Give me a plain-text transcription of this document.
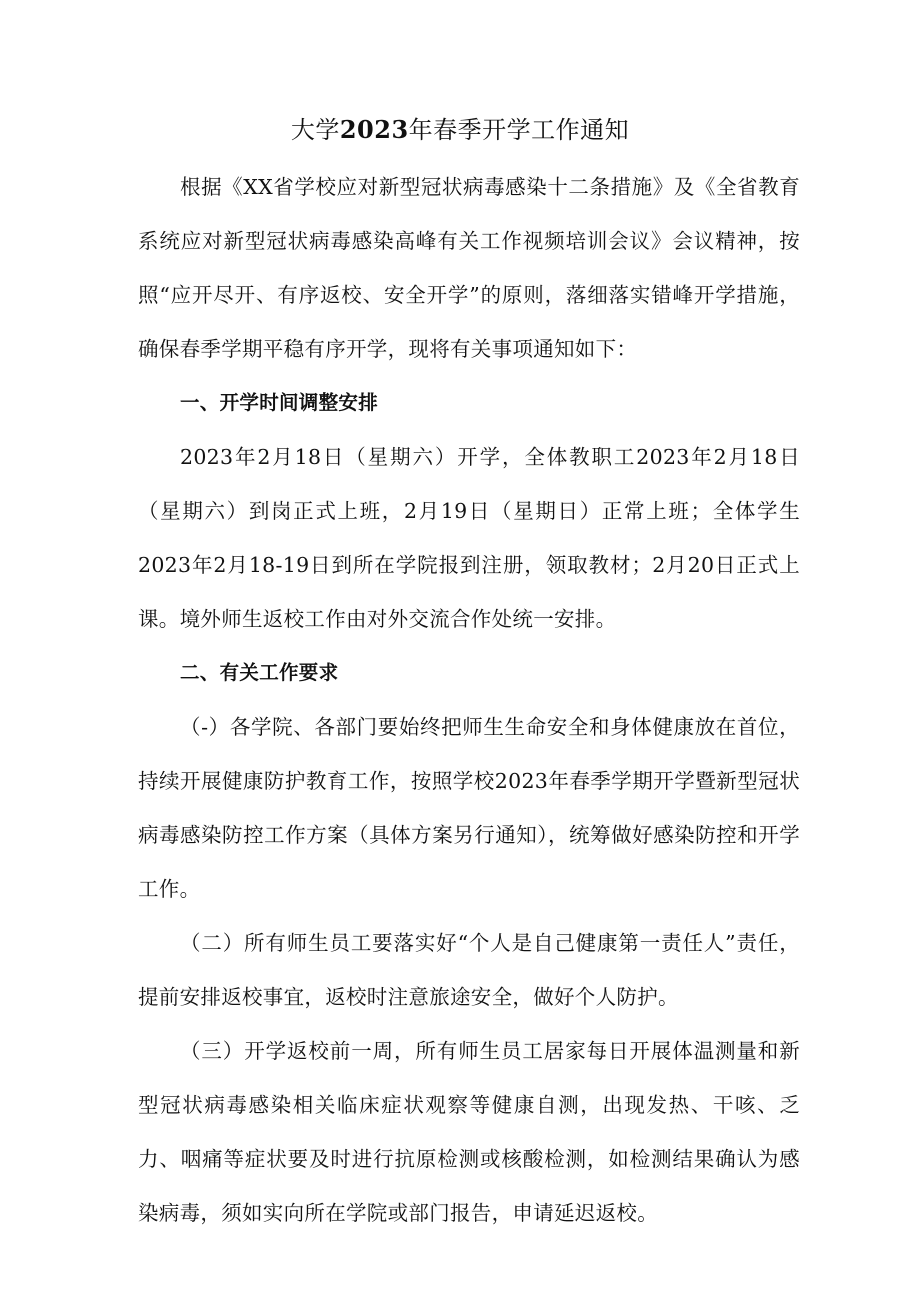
大学2023年春季开学工作通知

根据《XX省学校应对新型冠状病毒感染十二条措施》及《全省教育系统应对新型冠状病毒感染高峰有关工作视频培训会议》会议精神，按照“应开尽开、有序返校、安全开学”的原则，落细落实错峰开学措施，确保春季学期平稳有序开学，现将有关事项通知如下：

一、开学时间调整安排

2023年2月18日（星期六）开学，全体教职工2023年2月18日（星期六）到岗正式上班，2月19日（星期日）正常上班；全体学生2023年2月18-19日到所在学院报到注册，领取教材；2月20日正式上课。境外师生返校工作由对外交流合作处统一安排。

二、有关工作要求

（-）各学院、各部门要始终把师生生命安全和身体健康放在首位，持续开展健康防护教育工作，按照学校2023年春季学期开学暨新型冠状病毒感染防控工作方案（具体方案另行通知），统筹做好感染防控和开学工作。

（二）所有师生员工要落实好“个人是自己健康第一责任人”责任，提前安排返校事宜，返校时注意旅途安全，做好个人防护。

（三）开学返校前一周，所有师生员工居家每日开展体温测量和新型冠状病毒感染相关临床症状观察等健康自测，出现发热、干咳、乏力、咽痛等症状要及时进行抗原检测或核酸检测，如检测结果确认为感染病毒，须如实向所在学院或部门报告，申请延迟返校。
